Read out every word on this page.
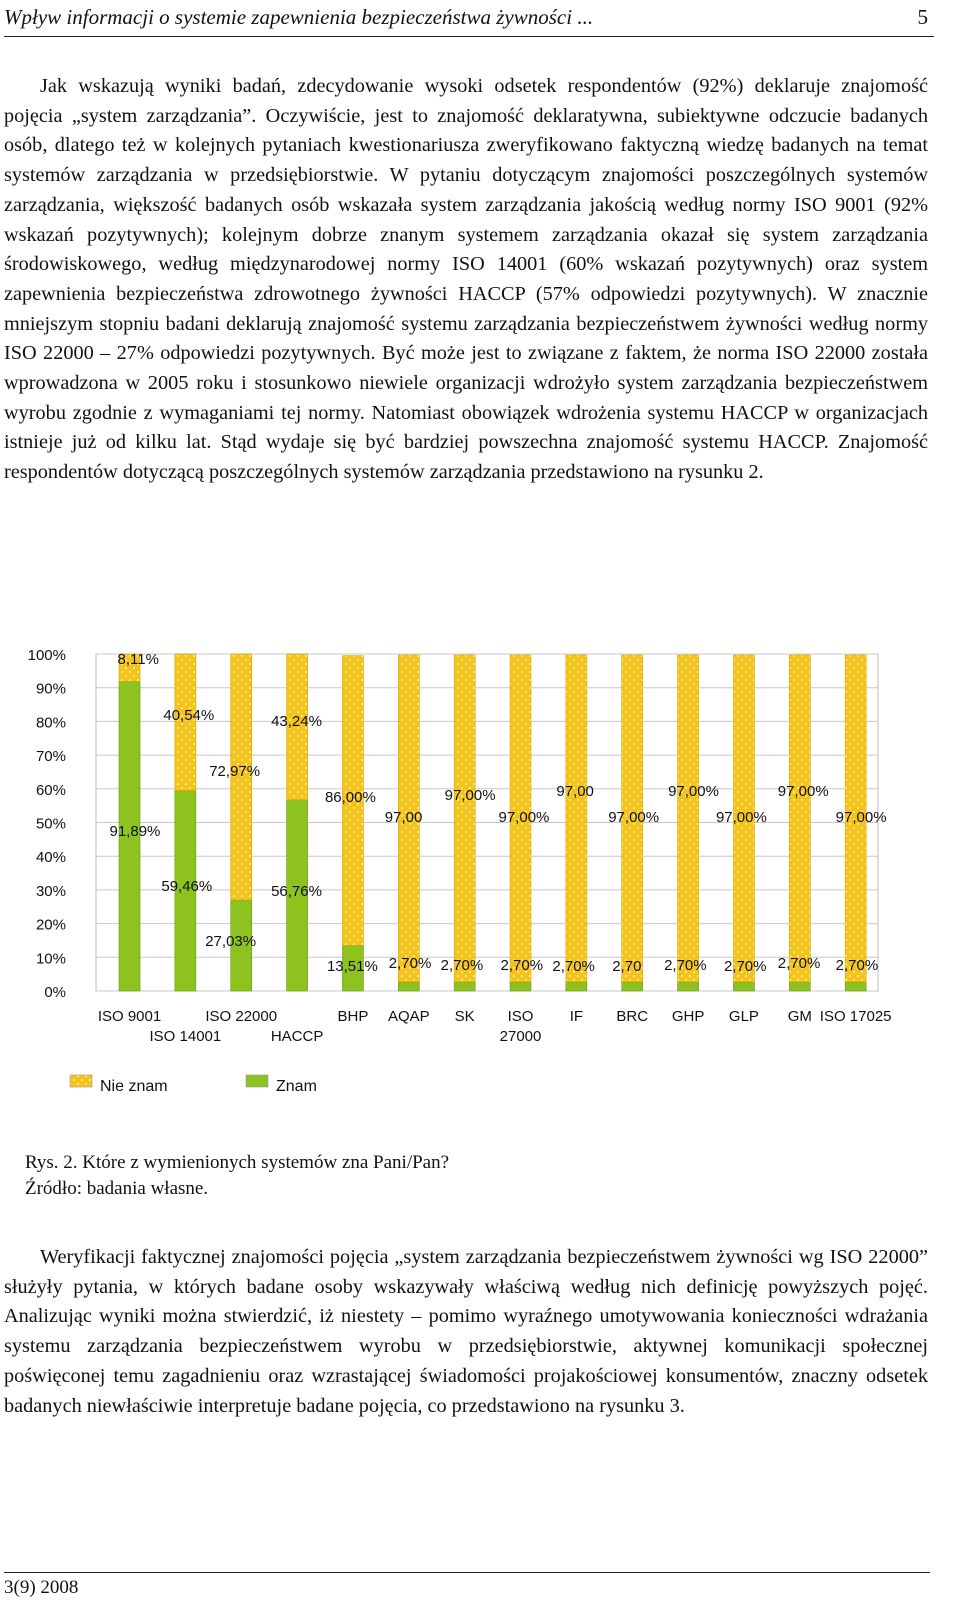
Wpływ informacji o systemie zapewnienia bezpieczeństwa żywności ...	5

Jak wskazują wyniki badań, zdecydowanie wysoki odsetek respondentów (92%) deklaruje znajomość pojęcia „system zarządzania”. Oczywiście, jest to znajomość deklaratywna, subiektywne odczucie badanych osób, dlatego też w kolejnych pytaniach kwestionariusza zweryfikowano faktyczną wiedzę badanych na temat systemów zarządzania w przedsiębiorstwie. W pytaniu dotyczącym znajomości poszczególnych systemów zarządzania, większość badanych osób wskazała system zarządzania jakością według normy ISO 9001 (92% wskazań pozytywnych); kolejnym dobrze znanym systemem zarządzania okazał się system zarządzania środowiskowego, według międzynarodowej normy ISO 14001 (60% wskazań pozytywnych) oraz system zapewnienia bezpieczeństwa zdrowotnego żywności HACCP (57% odpowiedzi pozytywnych). W znacznie mniejszym stopniu badani deklarują znajomość systemu zarządzania bezpieczeństwem żywności według normy ISO 22000 – 27% odpowiedzi pozytywnych. Być może jest to związane z faktem, że norma ISO 22000 została wprowadzona w 2005 roku i stosunkowo niewiele organizacji wdrożyło system zarządzania bezpieczeństwem wyrobu zgodnie z wymaganiami tej normy. Natomiast obowiązek wdrożenia systemu HACCP w organizacjach istnieje już od kilku lat. Stąd wydaje się być bardziej powszechna znajomość systemu HACCP. Znajomość respondentów dotyczącą poszczególnych systemów zarządzania przedstawiono na rysunku 2.

0%
10%
20%
30%
40%
50%
60%
70%
80%
90%
100%	8,11%
91,89%
ISO 9001
40,54%
59,46%
ISO 14001
72,97%
27,03%
ISO 22000
43,24%
56,76%
HACCP
86,00%
13,51%
BHP
97,00
2,70%
AQAP
97,00%
2,70%
SK
97,00%
2,70%
ISO
27000
97,00
2,70%
IF
97,00%
2,70
BRC
97,00%
2,70%
GHP
97,00%
2,70%
GLP
97,00%
2,70%
GM
97,00%
2,70%
ISO 17025
Nie znam	Znam
Rys. 2. Które z wymienionych systemów zna Pani/Pan?
Źródło: badania własne.

Weryfikacji faktycznej znajomości pojęcia „system zarządzania bezpieczeństwem żywności wg ISO 22000” służyły pytania, w których badane osoby wskazywały właściwą według nich definicję powyższych pojęć. Analizując wyniki można stwierdzić, iż niestety – pomimo wyraźnego umotywowania konieczności wdrażania systemu zarządzania bezpieczeństwem wyrobu w przedsiębiorstwie, aktywnej komunikacji społecznej poświęconej temu zagadnieniu oraz wzrastającej świadomości projakościowej konsumentów, znaczny odsetek badanych niewłaściwie interpretuje badane pojęcia, co przedstawiono na rysunku 3.

3(9) 2008
